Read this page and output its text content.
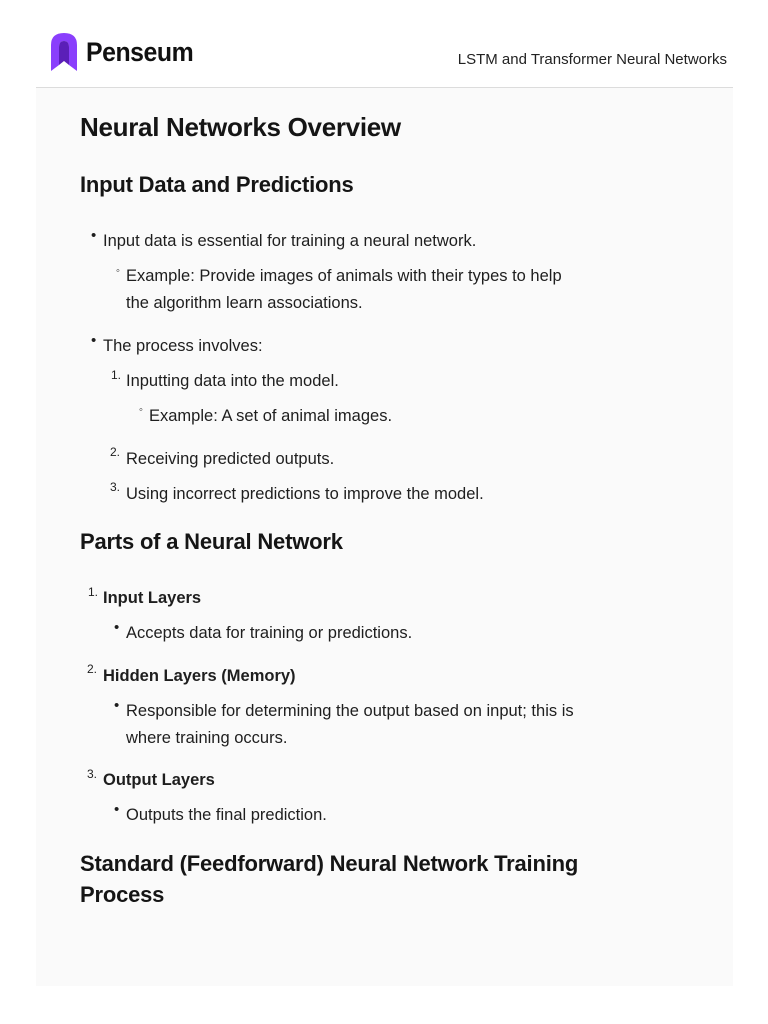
Penseum	LSTM and Transformer Neural Networks
Neural Networks Overview
Input Data and Predictions
• Input data is essential for training a neural network.
◦ Example: Provide images of animals with their types to help
the algorithm learn associations.
• The process involves:
1. Inputting data into the model.
◦ Example: A set of animal images.
2. Receiving predicted outputs.
3. Using incorrect predictions to improve the model.
Parts of a Neural Network
1. Input Layers
• Accepts data for training or predictions.
2. Hidden Layers (Memory)
• Responsible for determining the output based on input; this is
where training occurs.
3. Output Layers
• Outputs the final prediction.
Standard (Feedforward) Neural Network Training
Process
